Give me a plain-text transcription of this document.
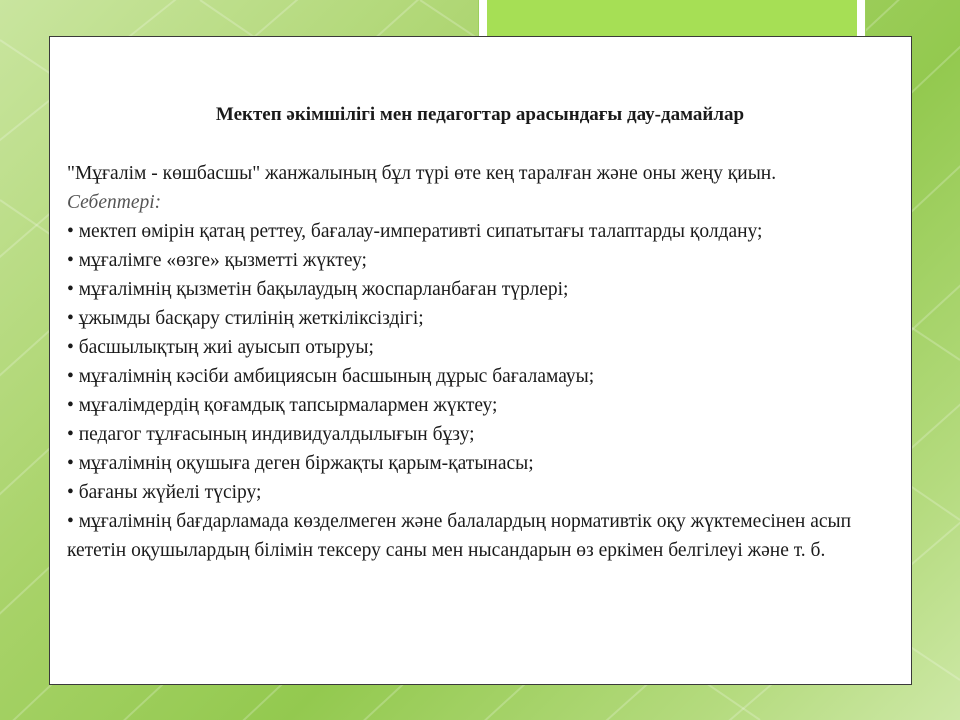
Мектеп әкімшілігі мен педагогтар арасындағы дау-дамайлар

"Мұғалім - көшбасшы" жанжалының бұл түрі өте кең таралған және оны жеңу қиын.

Себептері:

• мектеп өмірін қатаң реттеу, бағалау-императивті сипатытағы талаптарды қолдану;
• мұғалімге «өзге» қызметті жүктеу;
• мұғалімнің қызметін бақылаудың жоспарланбаған түрлері;
• ұжымды басқару стилінің жеткіліксіздігі;
• басшылықтың жиі ауысып отыруы;
• мұғалімнің кәсіби амбициясын басшының дұрыс бағаламауы;
• мұғалімдердің қоғамдық тапсырмалармен жүктеу;
• педагог тұлғасының индивидуалдылығын бұзу;
• мұғалімнің оқушыға деген біржақты қарым-қатынасы;
• бағаны жүйелі түсіру;
• мұғалімнің бағдарламада көзделмеген және балалардың нормативтік оқу жүктемесінен асып кететін оқушылардың білімін тексеру саны мен нысандарын өз еркімен белгілеуі және т. б.
